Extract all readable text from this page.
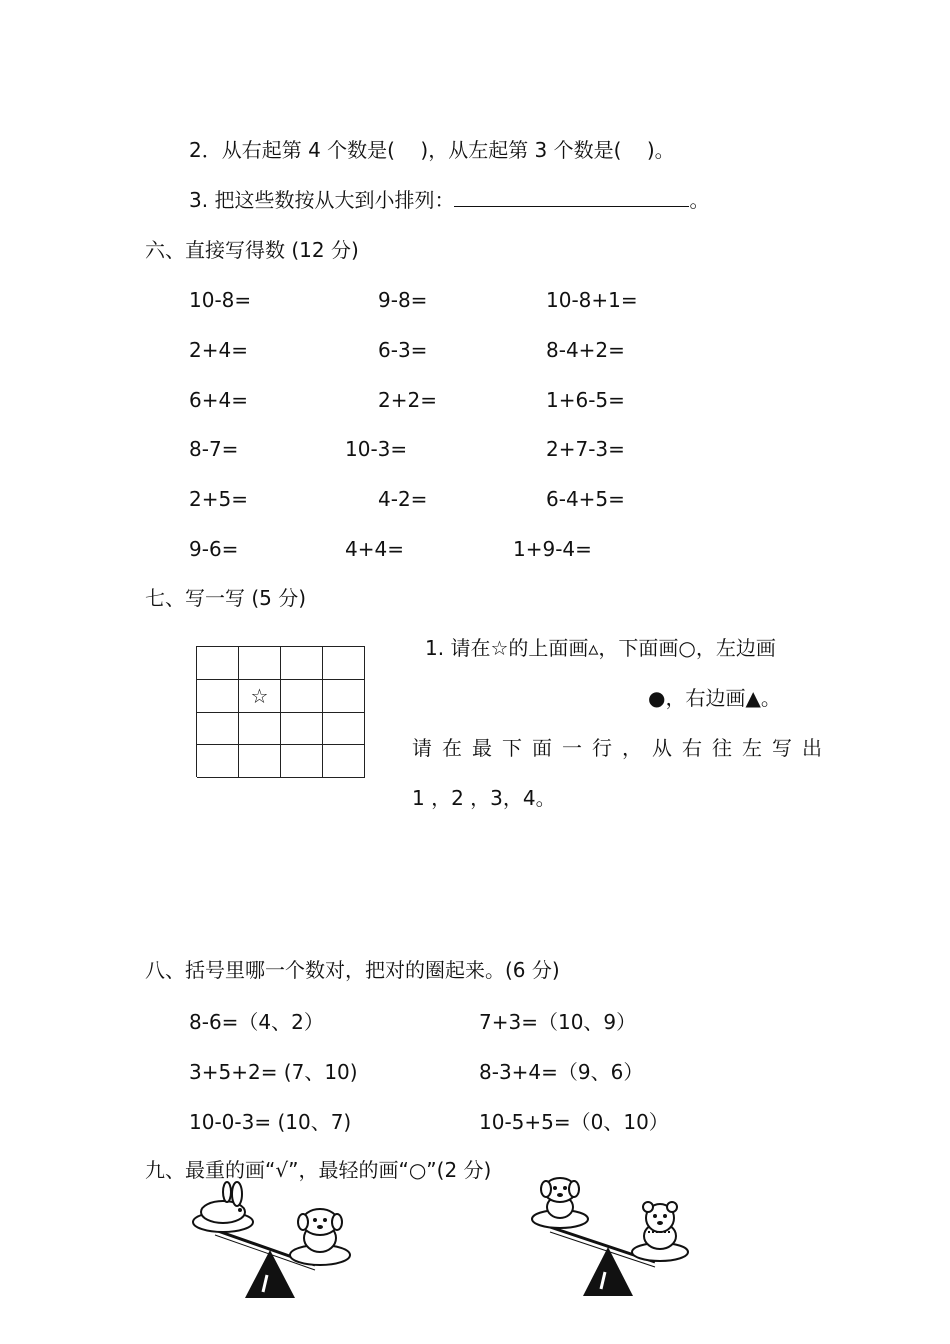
2．从右起第 4 个数是(    )，从左起第 3 个数是(    )。
3. 把这些数按从大到小排列：	。
六、直接写得数 (12 分)
10-8=	9-8=	10-8+1=
2+4=	6-3=	8-4+2=
6+4=	2+2=	1+6-5=
8-7=	10-3=	2+7-3=
2+5=	4-2=	6-4+5=
9-6=	4+4=	1+9-4=
七、写一写 (5 分)
☆
1. 请在☆的上面画▵，下面画○，左边画
●，右边画▲。
请在最下面一行，从右往左写出
1 ，2 ，3，4。
八、括号里哪一个数对，把对的圈起来。(6 分)
8-6=（4、2）	7+3=（10、9）
3+5+2= (7、10)	8-3+4=（9、6）
10-0-3= (10、7)	10-5+5=（0、10）
九、最重的画“√”，最轻的画“○”(2 分)
